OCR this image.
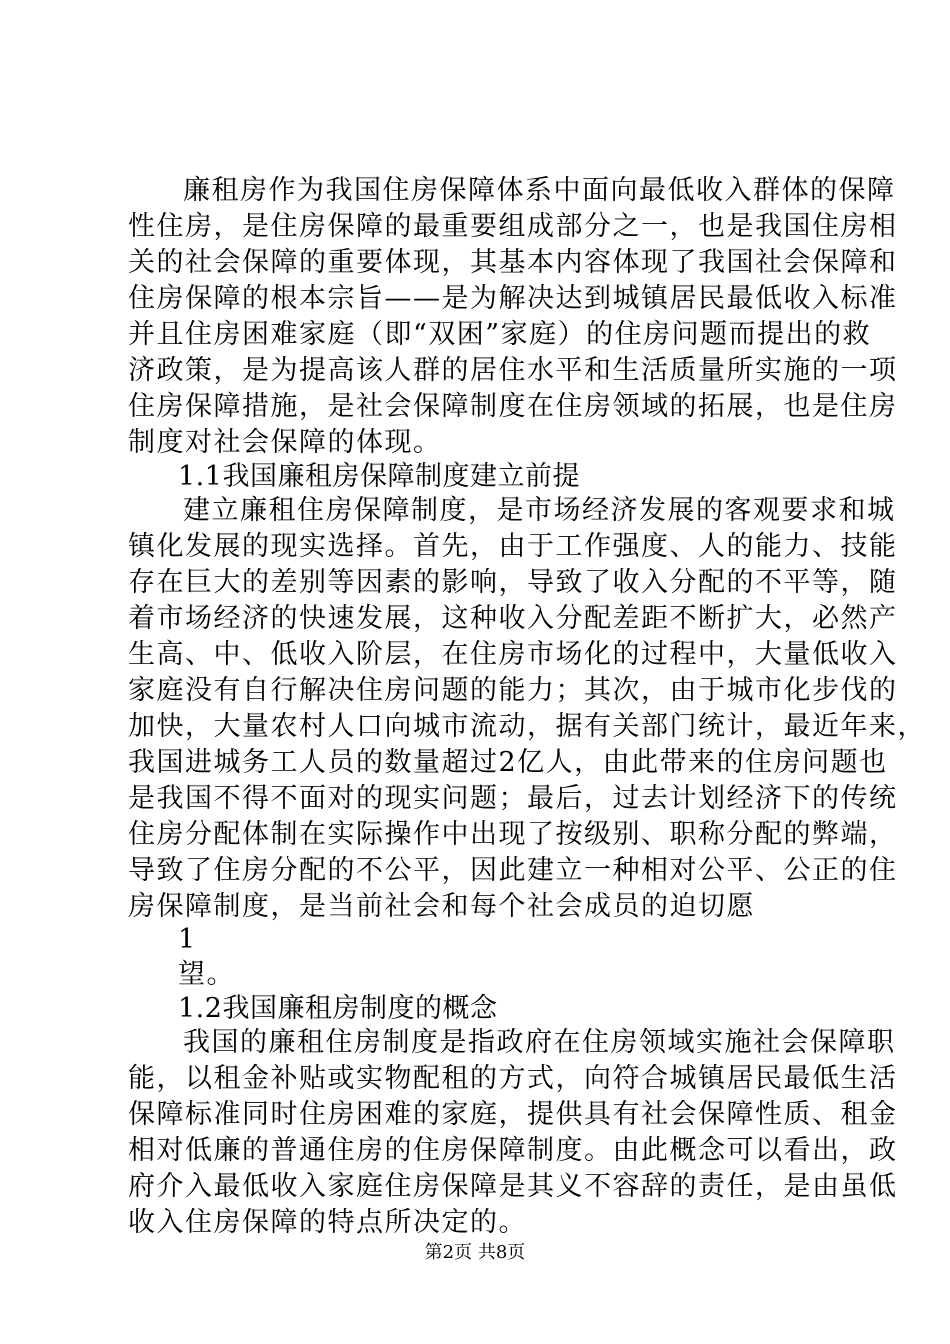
廉租房作为我国住房保障体系中面向最低收入群体的保障
性住房，是住房保障的最重要组成部分之一，也是我国住房相
关的社会保障的重要体现，其基本内容体现了我国社会保障和
住房保障的根本宗旨——是为解决达到城镇居民最低收入标准
并且住房困难家庭（即“双困”家庭）的住房问题而提出的救
济政策，是为提高该人群的居住水平和生活质量所实施的一项
住房保障措施，是社会保障制度在住房领域的拓展，也是住房
制度对社会保障的体现。
1.1我国廉租房保障制度建立前提
建立廉租住房保障制度，是市场经济发展的客观要求和城
镇化发展的现实选择。首先，由于工作强度、人的能力、技能
存在巨大的差别等因素的影响，导致了收入分配的不平等，随
着市场经济的快速发展，这种收入分配差距不断扩大，必然产
生高、中、低收入阶层，在住房市场化的过程中，大量低收入
家庭没有自行解决住房问题的能力；其次，由于城市化步伐的
加快，大量农村人口向城市流动，据有关部门统计，最近年来，
我国进城务工人员的数量超过2亿人，由此带来的住房问题也
是我国不得不面对的现实问题；最后，过去计划经济下的传统
住房分配体制在实际操作中出现了按级别、职称分配的弊端，
导致了住房分配的不公平，因此建立一种相对公平、公正的住
房保障制度，是当前社会和每个社会成员的迫切愿
1
望。
1.2我国廉租房制度的概念
我国的廉租住房制度是指政府在住房领域实施社会保障职
能，以租金补贴或实物配租的方式，向符合城镇居民最低生活
保障标准同时住房困难的家庭，提供具有社会保障性质、租金
相对低廉的普通住房的住房保障制度。由此概念可以看出，政
府介入最低收入家庭住房保障是其义不容辞的责任，是由虽低
收入住房保障的特点所决定的。
第2页 共8页
